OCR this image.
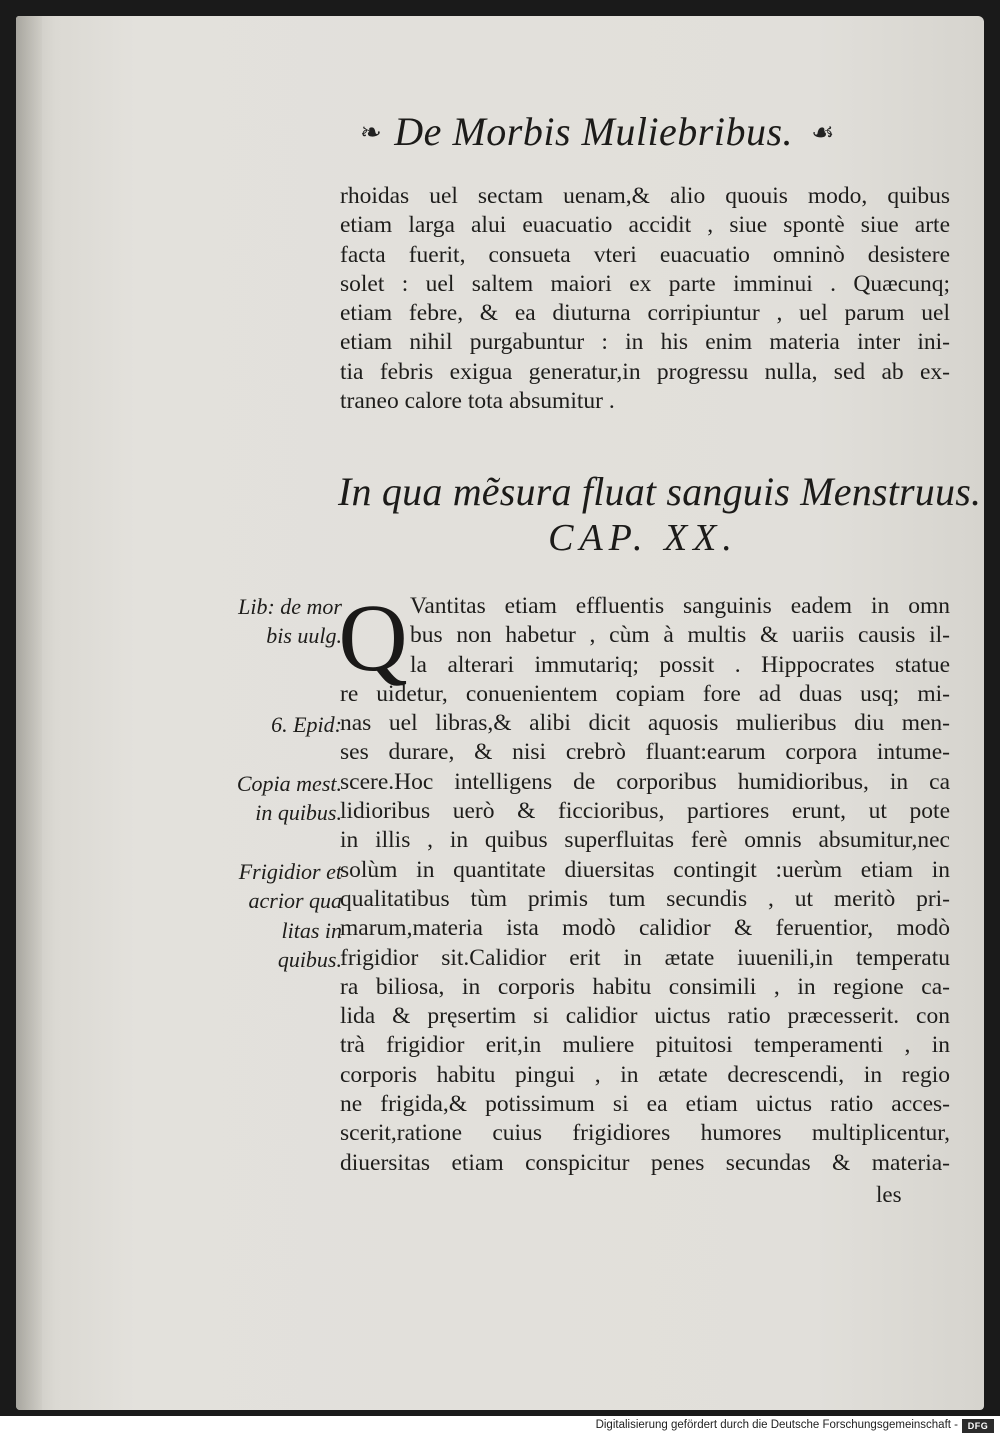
❧ De Morbis Muliebribus. ☙
rhoidas uel sectam uenam,& alio quouis modo, quibus
etiam larga alui euacuatio accidit , siue spontè siue arte
facta fuerit, consueta vteri euacuatio omninò desistere
solet : uel saltem maiori ex parte imminui . Quæcunq;
etiam febre, & ea diuturna corripiuntur , uel parum uel
etiam nihil purgabuntur : in his enim materia inter ini-
tia febris exigua generatur,in progressu nulla, sed ab ex-
traneo calore tota absumitur .
In qua mẽsura fluat sanguis Menstruus.
CAP. XX.
Q Vantitas etiam effluentis sanguinis eadem in omn
bus non habetur , cùm à multis & uariis causis il-
la alterari immutariq; possit . Hippocrates statue
re uidetur, conuenientem copiam fore ad duas usq; mi-
nas uel libras,& alibi dicit aquosis mulieribus diu men-
ses durare, & nisi crebrò fluant:earum corpora intume-
scere.Hoc intelligens de corporibus humidioribus, in ca
lidioribus uerò & ficcioribus, partiores erunt, ut pote
in illis , in quibus superfluitas ferè omnis absumitur,nec
solùm in quantitate diuersitas contingit :uerùm etiam in
qualitatibus tùm primis tum secundis , ut meritò pri-
marum,materia ista modò calidior & feruentior, modò
frigidior sit.Calidior erit in ætate iuuenili,in temperatu
ra biliosa, in corporis habitu consimili , in regione ca-
lida & pręsertim si calidior uictus ratio præcesserit. con
trà frigidior erit,in muliere pituitosi temperamenti , in
corporis habitu pingui , in ætate decrescendi, in regio
ne frigida,& potissimum si ea etiam uictus ratio acces-
scerit,ratione cuius frigidiores humores multiplicentur,
diuersitas etiam conspicitur penes secundas & materia-
Lib: de mor
bis uulg.
6. Epid:
Copia mest.
in quibus.
Frigidior et
acrior qua
litas in
quibus.
les
Digitalisierung gefördert durch die Deutsche Forschungsgemeinschaft -	DFG
